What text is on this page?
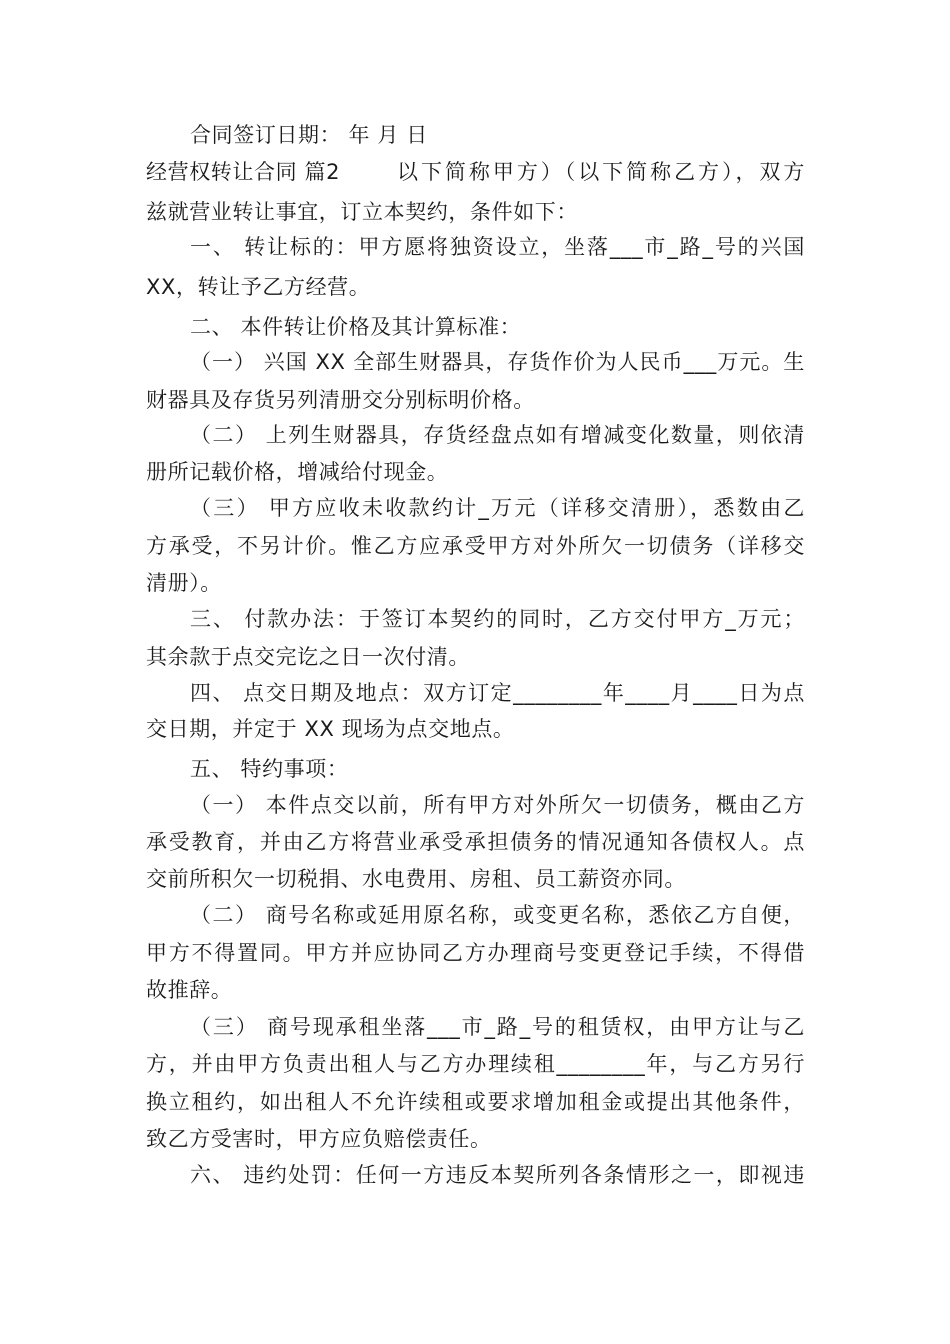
合同签订日期： 年 月 日
经营权转让合同 篇2	以下简称甲方）（以下简称乙方），双方
兹就营业转让事宜，订立本契约，条件如下：
一、 转让标的：甲方愿将独资设立，坐落___市_路_号的兴国
XX，转让予乙方经营。
二、 本件转让价格及其计算标准：
（一） 兴国 XX 全部生财器具，存货作价为人民币___万元。生
财器具及存货另列清册交分别标明价格。
（二） 上列生财器具，存货经盘点如有增减变化数量，则依清
册所记载价格，增减给付现金。
（三） 甲方应收未收款约计_万元（详移交清册），悉数由乙
方承受，不另计价。惟乙方应承受甲方对外所欠一切债务（详移交
清册）。
三、 付款办法：于签订本契约的同时，乙方交付甲方_万元；
其余款于点交完讫之日一次付清。
四、 点交日期及地点：双方订定________年____月____日为点
交日期，并定于 XX 现场为点交地点。
五、 特约事项：
（一） 本件点交以前，所有甲方对外所欠一切债务，概由乙方
承受教育，并由乙方将营业承受承担债务的情况通知各债权人。点
交前所积欠一切税捐、水电费用、房租、员工薪资亦同。
（二） 商号名称或延用原名称，或变更名称，悉依乙方自便，
甲方不得置同。甲方并应协同乙方办理商号变更登记手续，不得借
故推辞。
（三） 商号现承租坐落___市_路_号的租赁权，由甲方让与乙
方，并由甲方负责出租人与乙方办理续租________年，与乙方另行
换立租约，如出租人不允许续租或要求增加租金或提出其他条件，
致乙方受害时，甲方应负赔偿责任。
六、 违约处罚：任何一方违反本契所列各条情形之一，即视违
